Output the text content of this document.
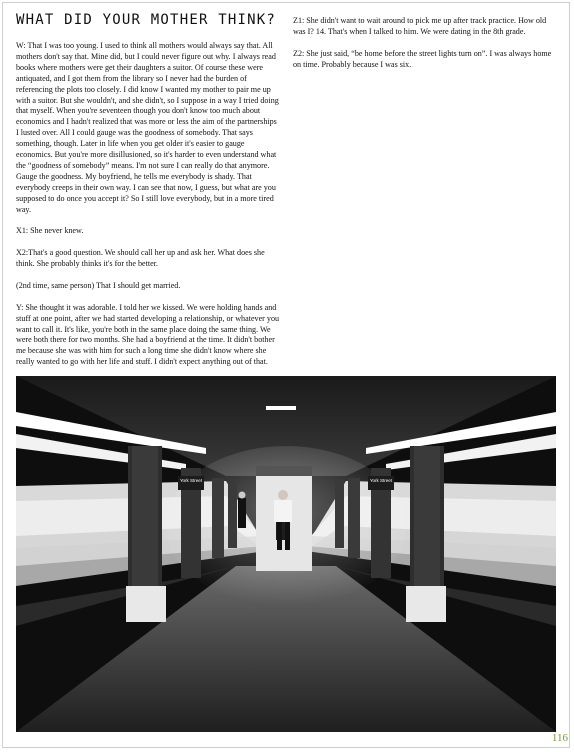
WHAT DID YOUR MOTHER THINK?

W: That I was too young. I used to think all mothers would always say that. All mothers don't say that. Mine did, but I could never figure out why. I always read books where mothers were get their daughters a suitor. Of course these were antiquated, and I got them from the library so I never had the burden of referencing the plots too closely. I did know I wanted my mother to pair me up with a suitor. But she wouldn't, and she didn't, so I suppose in a way I tried doing that myself. When you're seventeen though you don't know too much about economics and I hadn't realized that was more or less the aim of the partnerships I lusted over. All I could gauge was the goodness of somebody. That says something, though. Later in life when you get older it's easier to gauge economics. But you're more disillusioned, so it's harder to even understand what the “goodness of somebody” means. I'm not sure I can really do that anymore. Gauge the goodness. My boyfriend, he tells me everybody is shady. That everybody creeps in their own way. I can see that now, I guess, but what are you supposed to do once you accept it? So I still love everybody, but in a more tired way.

X1: She never knew.

X2:That's a good question. We should call her up and ask her. What does she think. She probably thinks it's for the better.

(2nd time, same person) That I should get married.

Y: She thought it was adorable. I told her we kissed. We were holding hands and stuff at one point, after we had started developing a relationship, or whatever you want to call it. It's like, you're both in the same place doing the same thing. We were both there for two months. She had a boyfriend at the time. It didn't bother me because she was with him for such a long time she didn't know where she really wanted to go with her life and stuff. I didn't expect anything out of that.

Z1: She didn't want to wait around to pick me up after track practice. How old was I? 14. That's when I talked to him. We were dating in the 8th grade.

Z2: She just said, “be home before the street lights turn on”. I was always home on time. Probably because I was six.

York Street	York Street
116
